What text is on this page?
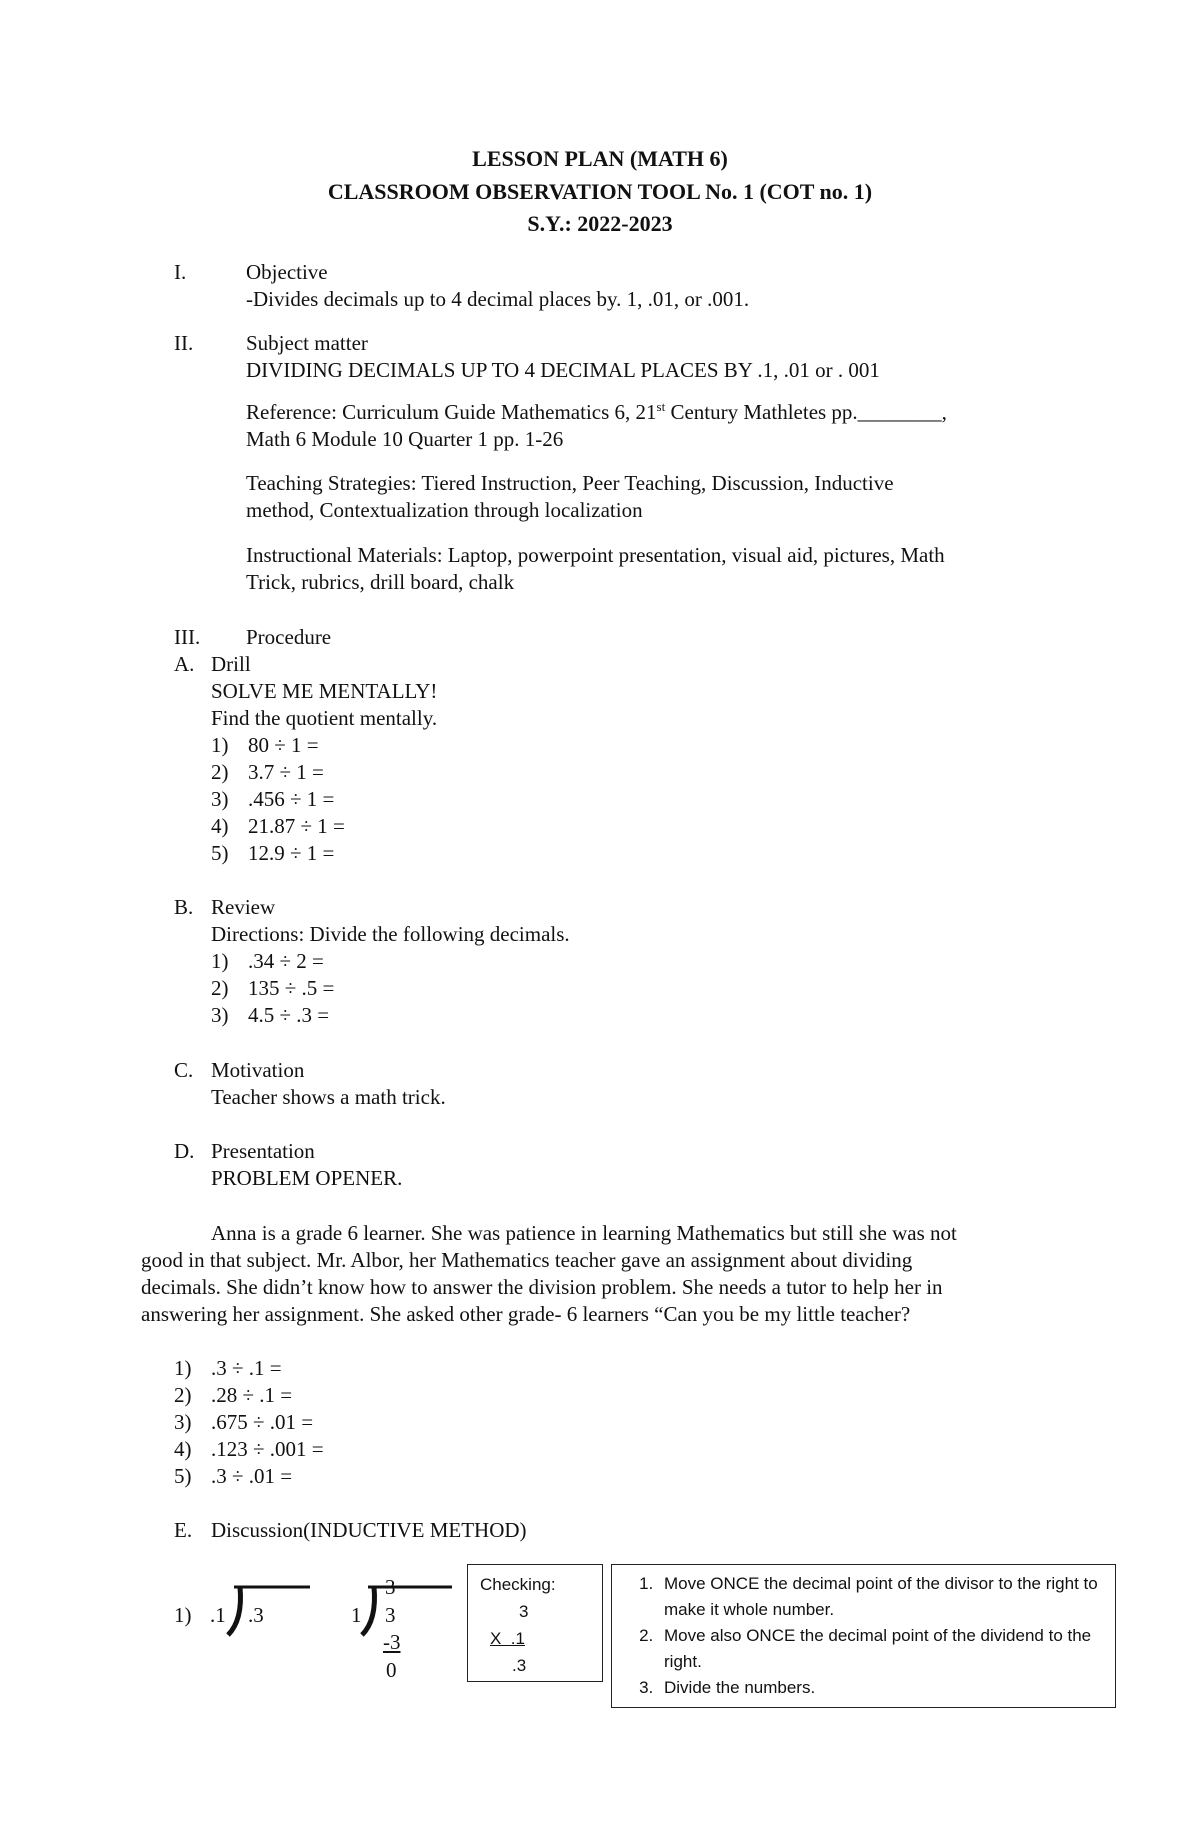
LESSON PLAN (MATH 6)
CLASSROOM OBSERVATION TOOL No. 1 (COT no. 1)
S.Y.: 2022-2023
I.	Objective
-Divides decimals up to 4 decimal places by. 1, .01, or .001.
II.	Subject matter
DIVIDING DECIMALS UP TO 4 DECIMAL PLACES BY .1, .01 or . 001
Reference: Curriculum Guide Mathematics 6, 21st Century Mathletes pp.________,
Math 6 Module 10 Quarter 1 pp. 1-26
Teaching Strategies: Tiered Instruction, Peer Teaching, Discussion, Inductive
method, Contextualization through localization
Instructional Materials: Laptop, powerpoint presentation, visual aid, pictures, Math
Trick, rubrics, drill board, chalk
III. Procedure
A. Drill
SOLVE ME MENTALLY!
Find the quotient mentally.
1) 80 ÷ 1 =
2) 3.7 ÷ 1 =
3) .456 ÷ 1 =
4) 21.87 ÷ 1 =
5) 12.9 ÷ 1 =
B. Review
Directions: Divide the following decimals.
1) .34 ÷ 2 =
2) 135 ÷ .5 =
3) 4.5 ÷ .3 =
C. Motivation
Teacher shows a math trick.
D. Presentation
PROBLEM OPENER.
Anna is a grade 6 learner. She was patience in learning Mathematics but still she was not
good in that subject. Mr. Albor, her Mathematics teacher gave an assignment about dividing
decimals. She didn’t know how to answer the division problem. She needs a tutor to help her in
answering her assignment. She asked other grade- 6 learners “Can you be my little teacher?
1) .3 ÷ .1 =
2) .28 ÷ .1 =
3) .675 ÷ .01 =
4) .123 ÷ .001 =
5) .3 ÷ .01 =
E. Discussion(INDUCTIVE METHOD)
1) .1 .3
3
1 3
-3
0
Checking:
3
X  .1
.3
1. Move ONCE the decimal point of the divisor to the right to make it whole number.
2. Move also ONCE the decimal point of the dividend to the right.
3. Divide the numbers.
